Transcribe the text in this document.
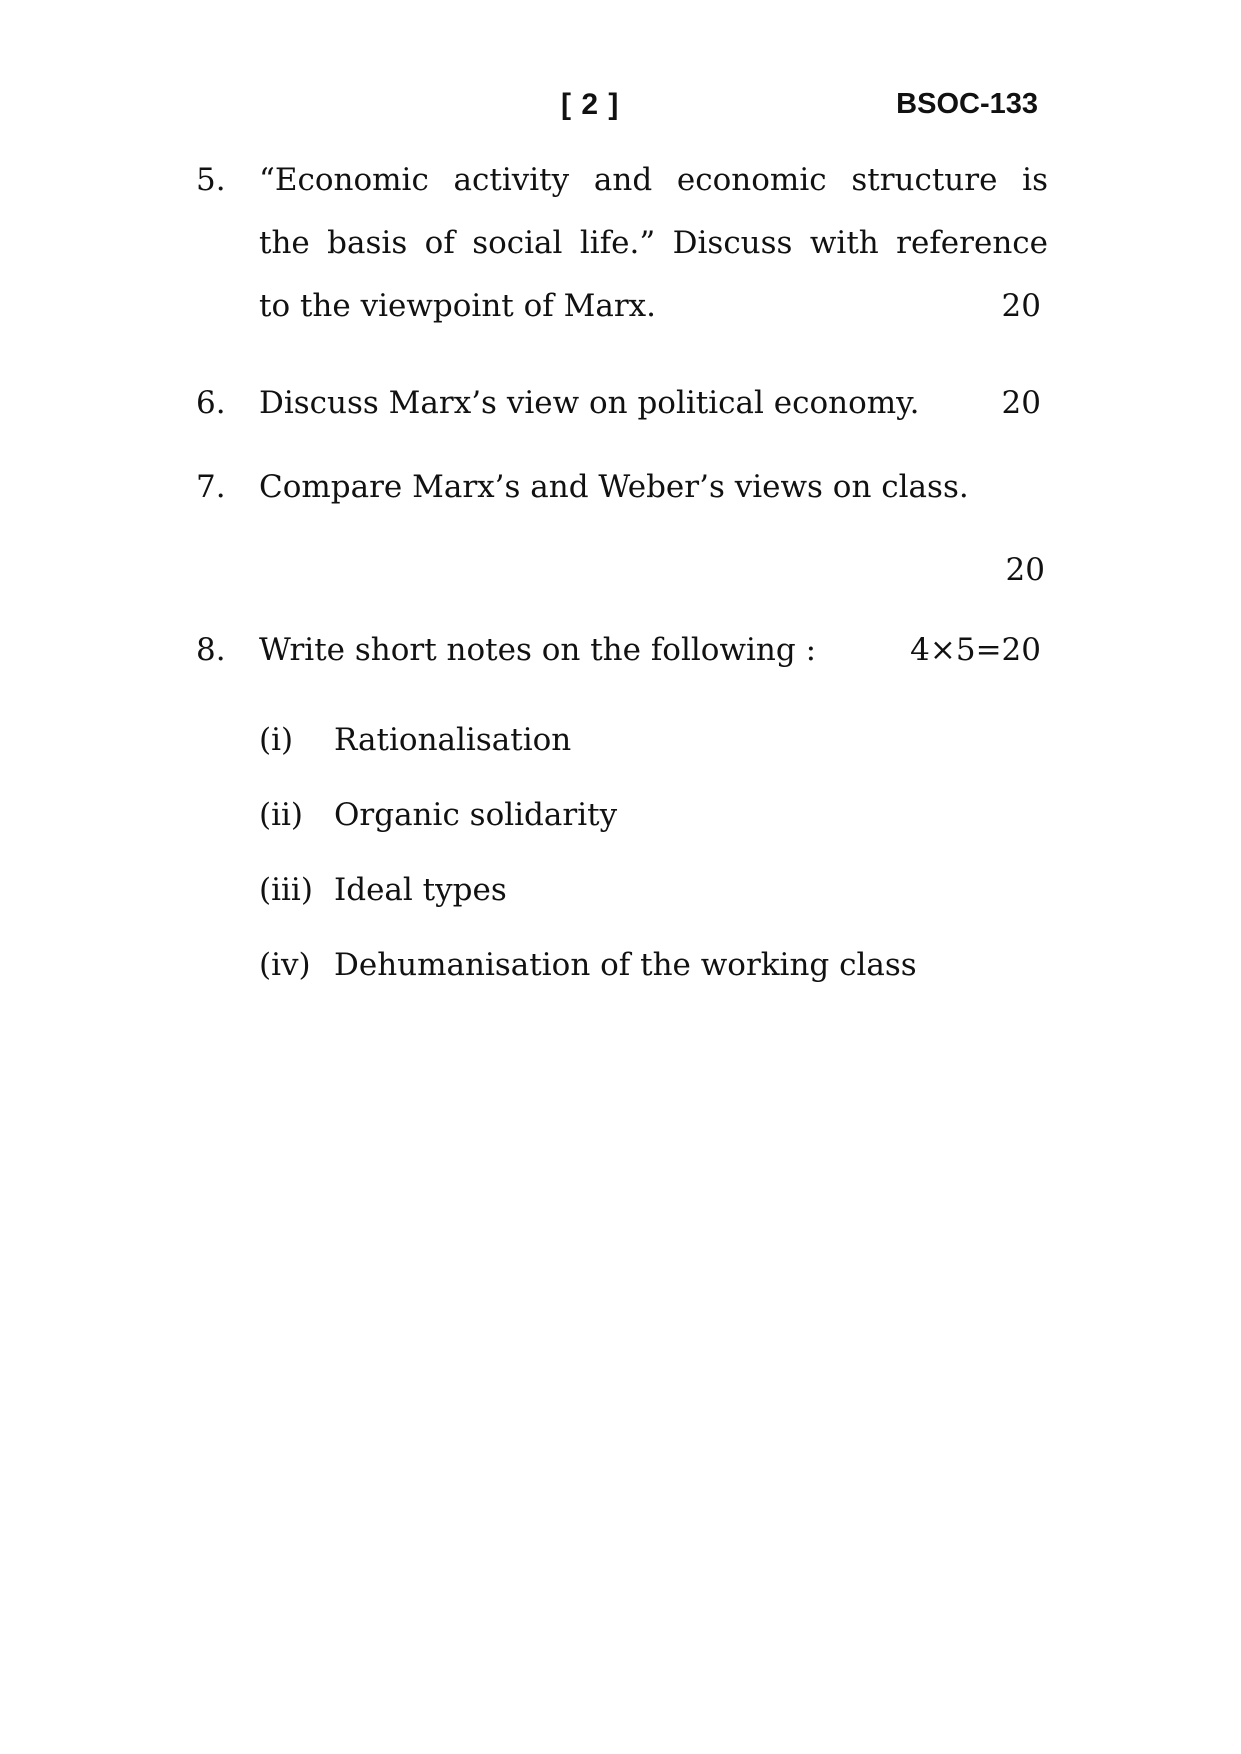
[ 2 ]	BSOC-133
5. “Economic activity and economic structure is
the basis of social life.” Discuss with reference
to the viewpoint of Marx.	20
6. Discuss Marx’s view on political economy.	20
7. Compare Marx’s and Weber’s views on class.
20
8. Write short notes on the following :	4×5=20
(i) Rationalisation
(ii) Organic solidarity
(iii) Ideal types
(iv) Dehumanisation of the working class
